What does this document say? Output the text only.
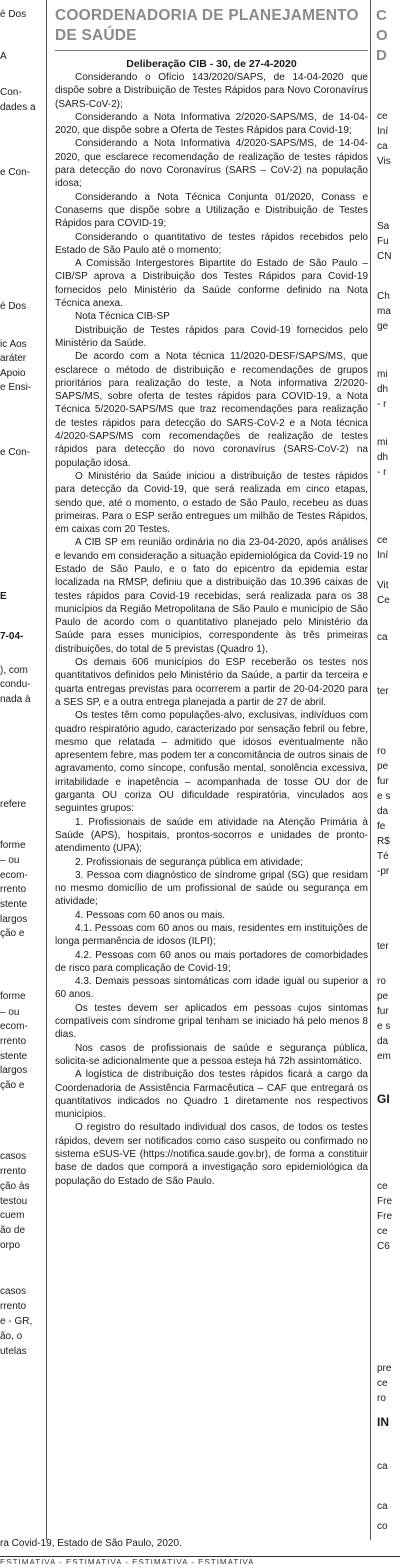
é Dos
A
Con-
dades a
e Con-
é Dos
ic Aos
aráter
Apoio
e Ensi-
e Con-
E
7-04-
), com
condu-
nada à
refere
forme
– ou
ecom-
rrento
stente
largos
ção e
forme
– ou
ecom-
rrento
stente
largos
ção e
casos
rrento
ção às
testou
cuem
ão de
orpo
casos
rrento
e - GR,
ão, o
utelas
COORDENADORIA DE PLANEJAMENTO
DE SAÚDE
Deliberação CIB - 30, de 27-4-2020

Considerando o Ofício 143/2020/SAPS, de 14-04-2020 que dispõe sobre a Distribuição de Testes Rápidos para Novo Coronavírus (SARS-CoV-2);

Considerando a Nota Informativa 2/2020-SAPS/MS, de 14-04-2020, que dispõe sobre a Oferta de Testes Rápidos para Covid-19;

Considerando a Nota Informativa 4/2020-SAPS/MS, de 14-04-2020, que esclarece recomendação de realização de testes rápidos para detecção do novo Coronavírus (SARS – CoV-2) na população idosa;

Considerando a Nota Técnica Conjunta 01/2020, Conass e Conasems que dispõe sobre a Utilização e Distribuição de Testes Rápidos para COVID-19;

Considerando o quantitativo de testes rápidos recebidos pelo Estado de São Paulo até o momento;

A Comissão Intergestores Bipartite do Estado de São Paulo – CIB/SP aprova a Distribuição dos Testes Rápidos para Covid-19 fornecidos pelo Ministério da Saúde conforme definido na Nota Técnica anexa.

Nota Técnica CIB-SP

Distribuição de Testes rápidos para Covid-19 fornecidos pelo Ministério da Saúde.

De acordo com a Nota técnica 11/2020-DESF/SAPS/MS, que esclarece o método de distribuição e recomendações de grupos prioritários para realização do teste, a Nota informativa 2/2020-SAPS/MS, sobre oferta de testes rápidos para COVID-19, a Nota Técnica 5/2020-SAPS/MS que traz recomendações para realização de testes rápidos para detecção do SARS-CoV-2 e a Nota técnica 4/2020-SAPS/MS com recomendações de realização de testes rápidos para detecção do novo coronavírus (SARS-CoV-2) na população idosa.

O Ministério da Saúde iniciou a distribuição de testes rápidos para detecção da Covid-19, que será realizada em cinco etapas, sendo que, até o momento, o estado de São Paulo, recebeu as duas primeiras. Para o ESP serão entregues um milhão de Testes Rápidos, em caixas com 20 Testes.

A CIB SP em reunião ordinária no dia 23-04-2020, após análises e levando em consideração a situação epidemiológica da Covid-19 no Estado de São Paulo, e o fato do epicentro da epidemia estar localizada na RMSP, definiu que a distribuição das 10.396 caixas de testes rápidos para Covid-19 recebidas, será realizada para os 38 municípios da Região Metropolitana de São Paulo e município de São Paulo de acordo com o quantitativo planejado pelo Ministério da Saúde para esses municípios, correspondente às três primeiras distribuições, do total de 5 previstas (Quadro 1).

Os demais 606 municípios do ESP receberão os testes nos quantitativos definidos pelo Ministério da Saúde, a partir da terceira e quarta entregas previstas para ocorrerem a partir de 20-04-2020 para a SES SP, e a outra entrega planejada a partir de 27 de abril.

Os testes têm como populações-alvo, exclusivas, indivíduos com quadro respiratório agudo, caracterizado por sensação febril ou febre, mesmo que relatada – admitido que idosos eventualmente não apresentem febre, mas podem ter a concomitância de outros sinais de agravamento, como síncope, confusão mental, sonolência excessiva, irritabilidade e inapetência – acompanhada de tosse OU dor de garganta OU coriza OU dificuldade respiratória, vinculados aos seguintes grupos:

1. Profissionais de saúde em atividade na Atenção Primária à Saúde (APS), hospitais, prontos-socorros e unidades de pronto-atendimento (UPA);

2. Profissionais de segurança pública em atividade;

3. Pessoa com diagnóstico de síndrome gripal (SG) que residam no mesmo domicílio de um profissional de saúde ou segurança em atividade;

4. Pessoas com 60 anos ou mais.

4.1. Pessoas com 60 anos ou mais, residentes em instituições de longa permanência de idosos (ILPI);

4.2. Pessoas com 60 anos ou mais portadores de comorbidades de risco para complicação de Covid-19;

4.3. Demais pessoas sintomáticas com idade igual ou superior a 60 anos.

Os testes devem ser aplicados em pessoas cujos sintomas compatíveis com síndrome gripal tenham se iniciado há pelo menos 8 dias.

Nos casos de profissionais de saúde e segurança pública, solicita-se adicionalmente que a pessoa esteja há 72h assintomático.

A logística de distribuição dos testes rápidos ficará a cargo da Coordenadoria de Assistência Farmacêutica – CAF que entregará os quantitativos indicados no Quadro 1 diretamente nos respectivos municípios.

O registro do resultado individual dos casos, de todos os testes rápidos, devem ser notificados como caso suspeito ou confirmado no sistema eSUS-VE (https://notifica.saude.gov.br), de forma a constituir base de dados que comporá a investigação soro epidemiológica da população do Estado de São Paulo.

CO D
ce
Iní
ca
Vis
Sa
Fu
CN
Ch
ma
ge
mi
dh
- r
mi
dh
- r
ce
Iní
Vit
Ce
ca
ter
ro
pe
fur
e s
da
fe
R$
Té
-pr
ter
ro
pe
fur
e s
da
em
ce
Fre
Fre
ce
C6
pre
ce
ro
ca
ca
co
GI
IN
ra Covid-19, Estado de São Paulo, 2020.
ESTIMATIVA - ESTIMATIVA - ESTIMATIVA - ESTIMATIVA
